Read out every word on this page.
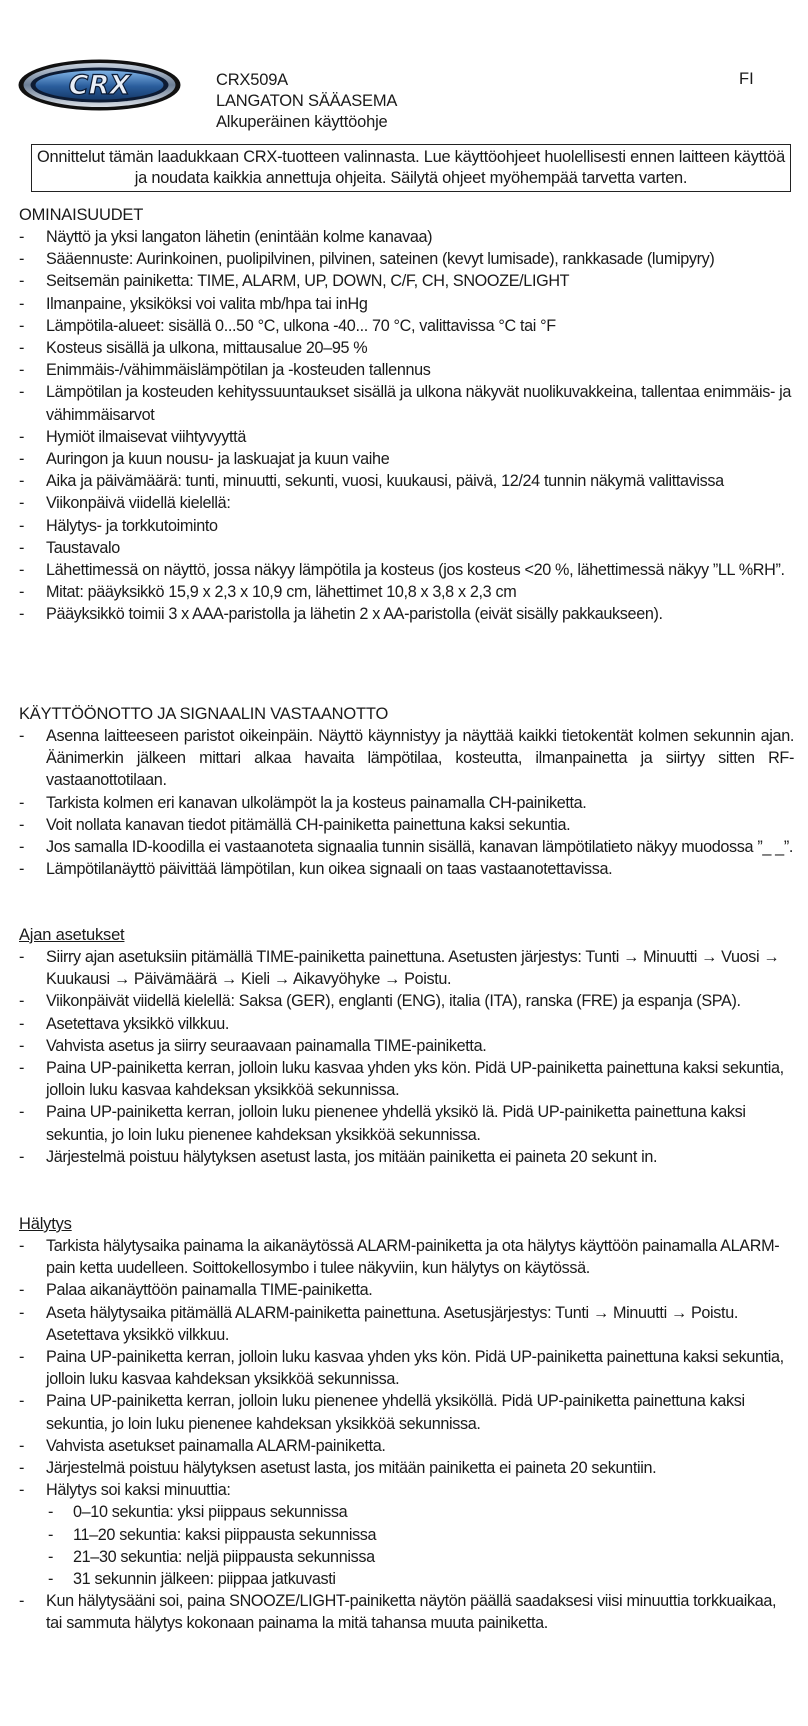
CRX	CRX509A
LANGATON SÄÄASEMA
Alkuperäinen käyttöohje
FI
Onnittelut tämän laadukkaan CRX-tuotteen valinnasta. Lue käyttöohjeet huolellisesti ennen laitteen käyttöä ja noudata kaikkia annettuja ohjeita. Säilytä ohjeet myöhempää tarvetta varten.

OMINAISUUDET

- Näyttö ja yksi langaton lähetin (enintään kolme kanavaa)
- Sääennuste: Aurinkoinen, puolipilvinen, pilvinen, sateinen (kevyt lumisade), rankkasade (lumipyry)
- Seitsemän painiketta: TIME, ALARM, UP, DOWN, C/F, CH, SNOOZE/LIGHT
- Ilmanpaine, yksiköksi voi valita mb/hpa tai inHg
- Lämpötila-alueet: sisällä 0...50 °C, ulkona -40... 70 °C, valittavissa °C tai °F
- Kosteus sisällä ja ulkona, mittausalue 20–95 %
- Enimmäis-/vähimmäislämpötilan ja -kosteuden tallennus
- Lämpötilan ja kosteuden kehityssuuntaukset sisällä ja ulkona näkyvät nuolikuvakkeina, tallentaa enimmäis- ja vähimmäisarvot
- Hymiöt ilmaisevat viihtyvyyttä
- Auringon ja kuun nousu- ja laskuajat ja kuun vaihe
- Aika ja päivämäärä: tunti, minuutti, sekunti, vuosi, kuukausi, päivä, 12/24 tunnin näkymä valittavissa
- Viikonpäivä viidellä kielellä:
- Hälytys- ja torkkutoiminto
- Taustavalo
- Lähettimessä on näyttö, jossa näkyy lämpötila ja kosteus (jos kosteus <20 %, lähettimessä näkyy ”LL %RH”.
- Mitat: pääyksikkö 15,9 x 2,3 x 10,9 cm, lähettimet 10,8 x 3,8 x 2,3 cm
- Pääyksikkö toimii 3 x AAA-paristolla ja lähetin 2 x AA-paristolla (eivät sisälly pakkaukseen).

KÄYTTÖÖNOTTO JA SIGNAALIN VASTAANOTTO

- Asenna laitteeseen paristot oikeinpäin. Näyttö käynnistyy ja näyttää kaikki tietokentät kolmen sekunnin ajan. Äänimerkin jälkeen mittari alkaa havaita lämpötilaa, kosteutta, ilmanpainetta ja siirtyy sitten RF-vastaanottotilaan.
- Tarkista kolmen eri kanavan ulkolämpöt la ja kosteus painamalla CH-painiketta.
- Voit nollata kanavan tiedot pitämällä CH-painiketta painettuna kaksi sekuntia.
- Jos samalla ID-koodilla ei vastaanoteta signaalia tunnin sisällä, kanavan lämpötilatieto näkyy muodossa ”_ _”.
- Lämpötilanäyttö päivittää lämpötilan, kun oikea signaali on taas vastaanotettavissa.

Ajan asetukset

- Siirry ajan asetuksiin pitämällä TIME-painiketta painettuna. Asetusten järjestys: Tunti → Minuutti → Vuosi → Kuukausi → Päivämäärä → Kieli → Aikavyöhyke → Poistu.
- Viikonpäivät viidellä kielellä: Saksa (GER), englanti (ENG), italia (ITA), ranska (FRE) ja espanja (SPA).
- Asetettava yksikkö vilkkuu.
- Vahvista asetus ja siirry seuraavaan painamalla TIME-painiketta.
- Paina UP-painiketta kerran, jolloin luku kasvaa yhden yks kön. Pidä UP-painiketta painettuna kaksi sekuntia, jolloin luku kasvaa kahdeksan yksikköä sekunnissa.
- Paina UP-painiketta kerran, jolloin luku pienenee yhdellä yksikö lä. Pidä UP-painiketta painettuna kaksi sekuntia, jo loin luku pienenee kahdeksan yksikköä sekunnissa.
- Järjestelmä poistuu hälytyksen asetust lasta, jos mitään painiketta ei paineta 20 sekunt in.

Hälytys

- Tarkista hälytysaika painama la aikanäytössä ALARM-painiketta ja ota hälytys käyttöön painamalla ALARM-pain ketta uudelleen. Soittokellosymbo i tulee näkyviin, kun hälytys on käytössä.
- Palaa aikanäyttöön painamalla TIME-painiketta.
- Aseta hälytysaika pitämällä ALARM-painiketta painettuna. Asetusjärjestys: Tunti → Minuutti → Poistu. Asetettava yksikkö vilkkuu.
- Paina UP-painiketta kerran, jolloin luku kasvaa yhden yks kön. Pidä UP-painiketta painettuna kaksi sekuntia, jolloin luku kasvaa kahdeksan yksikköä sekunnissa.
- Paina UP-painiketta kerran, jolloin luku pienenee yhdellä yksiköllä. Pidä UP-painiketta painettuna kaksi sekuntia, jo loin luku pienenee kahdeksan yksikköä sekunnissa.
- Vahvista asetukset painamalla ALARM-painiketta.
- Järjestelmä poistuu hälytyksen asetust lasta, jos mitään painiketta ei paineta 20 sekuntiin.
- Hälytys soi kaksi minuuttia:
- 0–10 sekuntia: yksi piippaus sekunnissa
- 11–20 sekuntia: kaksi piippausta sekunnissa
- 21–30 sekuntia: neljä piippausta sekunnissa
- 31 sekunnin jälkeen: piippaa jatkuvasti
- Kun hälytysääni soi, paina SNOOZE/LIGHT-painiketta näytön päällä saadaksesi viisi minuuttia torkkuaikaa, tai sammuta hälytys kokonaan painama la mitä tahansa muuta painiketta.
